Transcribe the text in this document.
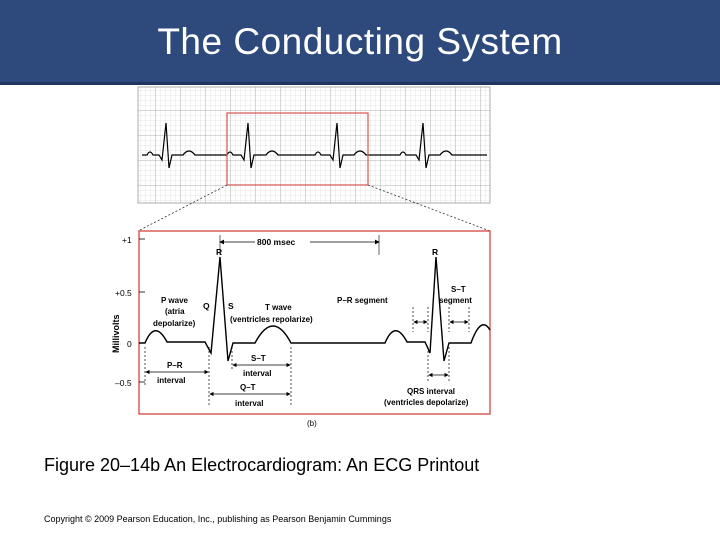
The Conducting System
+1
+0.5
0
–0.5
Millivolts
800 msec
R	R
P wave
(atria
depolarize)
Q S	T wave
(ventricles repolarize)
P–R segment
S–T
segment
P–R
interval
S–T
interval
Q–T
interval
QRS interval
(ventricles depolarize)
(b)
Figure 20–14b An Electrocardiogram: An ECG Printout
Copyright © 2009 Pearson Education, Inc., publishing as Pearson Benjamin Cummings
